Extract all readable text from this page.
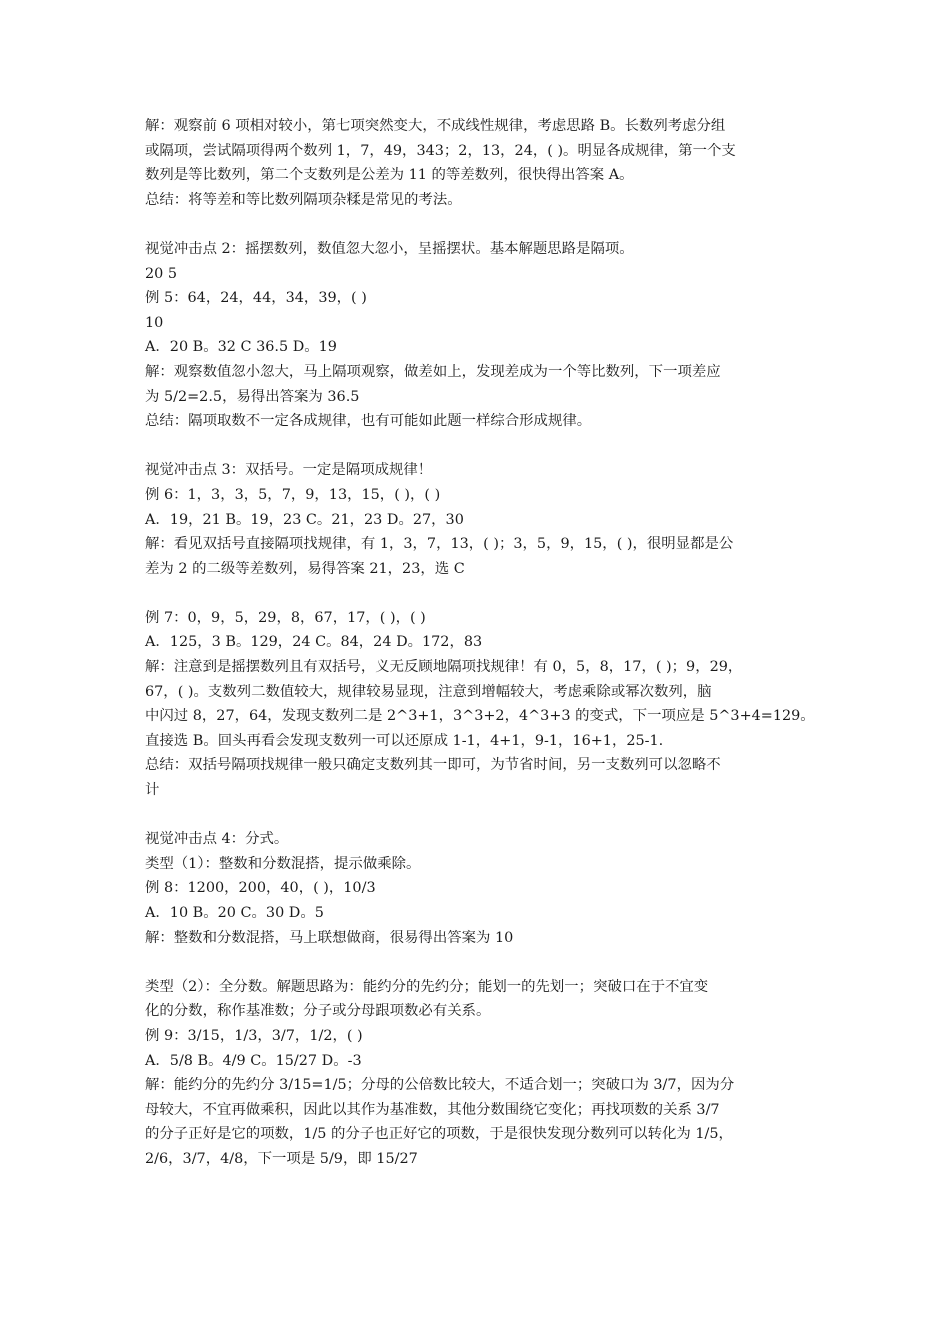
解：观察前 6 项相对较小，第七项突然变大，不成线性规律，考虑思路 B。长数列考虑分组
或隔项，尝试隔项得两个数列 1，7，49，343；2，13，24，( )。明显各成规律，第一个支
数列是等比数列，第二个支数列是公差为 11 的等差数列，很快得出答案 A。
总结：将等差和等比数列隔项杂糅是常见的考法。
视觉冲击点 2：摇摆数列，数值忽大忽小，呈摇摆状。基本解题思路是隔项。
20 5
例 5：64，24，44，34，39，( )
10
A．20 B。32 C 36.5 D。19
解：观察数值忽小忽大，马上隔项观察，做差如上，发现差成为一个等比数列，下一项差应
为 5/2=2.5，易得出答案为 36.5
总结：隔项取数不一定各成规律，也有可能如此题一样综合形成规律。
视觉冲击点 3：双括号。一定是隔项成规律！
例 6：1，3，3，5，7，9，13，15，( )，( )
A．19，21 B。19，23 C。21，23 D。27，30
解：看见双括号直接隔项找规律，有 1，3，7，13，( )；3，5，9，15，( )，很明显都是公
差为 2 的二级等差数列，易得答案 21，23，选 C
例 7：0，9，5，29，8，67，17，( )，( )
A．125，3 B。129，24 C。84，24 D。172，83
解：注意到是摇摆数列且有双括号，义无反顾地隔项找规律！有 0，5，8，17，( )；9，29，
67，( )。支数列二数值较大，规律较易显现，注意到增幅较大，考虑乘除或幂次数列，脑
中闪过 8，27，64，发现支数列二是 2^3+1，3^3+2，4^3+3 的变式，下一项应是 5^3+4=129。
直接选 B。回头再看会发现支数列一可以还原成 1-1，4+1，9-1，16+1，25-1.
总结：双括号隔项找规律一般只确定支数列其一即可，为节省时间，另一支数列可以忽略不
计
视觉冲击点 4：分式。
类型（1）：整数和分数混搭，提示做乘除。
例 8：1200，200，40，( )，10/3
A．10 B。20 C。30 D。5
解：整数和分数混搭，马上联想做商，很易得出答案为 10
类型（2）：全分数。解题思路为：能约分的先约分；能划一的先划一；突破口在于不宜变
化的分数，称作基准数；分子或分母跟项数必有关系。
例 9：3/15，1/3，3/7，1/2，( )
A．5/8 B。4/9 C。15/27 D。-3
解：能约分的先约分 3/15=1/5；分母的公倍数比较大，不适合划一；突破口为 3/7，因为分
母较大，不宜再做乘积，因此以其作为基准数，其他分数围绕它变化；再找项数的关系 3/7
的分子正好是它的项数，1/5 的分子也正好它的项数，于是很快发现分数列可以转化为 1/5，
2/6，3/7，4/8，下一项是 5/9，即 15/27
